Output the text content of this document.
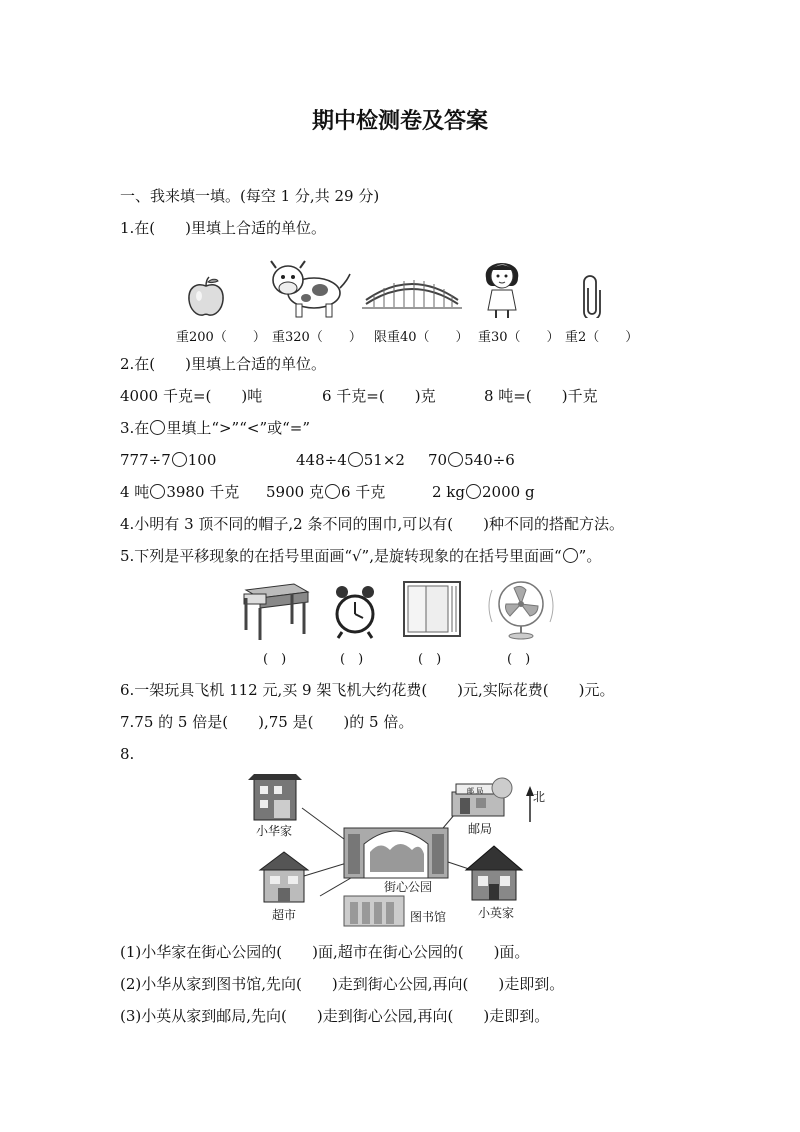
期中检测卷及答案
一、我来填一填。(每空 1 分,共 29 分)
1.在(　　)里填上合适的单位。
重200（　　） 重320（　　） 限重40（　　） 重30（　　） 重2（　　）
2.在(　　)里填上合适的单位。
4000 千克=(　　)吨	6 千克=(　　)克	8 吨=(　　)千克
3.在 里填上“>”“<”或“=”
777÷7 100	448÷4 51×2 70 540÷6
4 吨 3980 千克 5900 克 6 千克	2 kg 2000 g
4.小明有 3 顶不同的帽子,2 条不同的围巾,可以有(　　)种不同的搭配方法。
5.下列是平移现象的在括号里面画“√”,是旋转现象的在括号里面画“ ”。
(　)	(　)	(　)	(　)
6.一架玩具飞机 112 元,买 9 架飞机大约花费(　　)元,实际花费(　　)元。
7.75 的 5 倍是(　　),75 是(　　)的 5 倍。
8.
邮 局	北
小华家	邮局
街心公园
超市	图书馆	小英家
(1)小华家在街心公园的(　　)面,超市在街心公园的(　　)面。
(2)小华从家到图书馆,先向(　　)走到街心公园,再向(　　)走即到。
(3)小英从家到邮局,先向(　　)走到街心公园,再向(　　)走即到。
